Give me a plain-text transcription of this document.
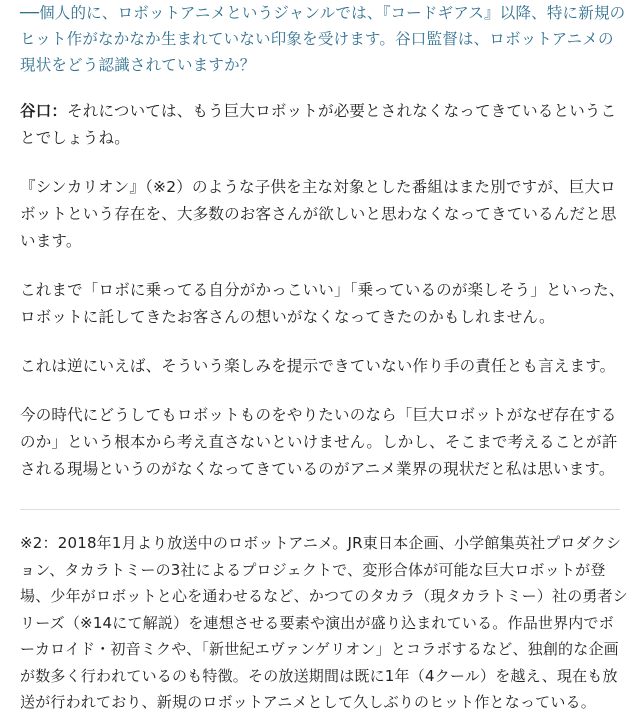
──個人的に、ロボットアニメというジャンルでは、『コードギアス』以降、特に新規のヒット作がなかなか生まれていない印象を受けます。谷口監督は、ロボットアニメの現状をどう認識されていますか？

谷口：それについては、もう巨大ロボットが必要とされなくなってきているということでしょうね。

『シンカリオン』（※2）のような子供を主な対象とした番組はまた別ですが、巨大ロボットという存在を、大多数のお客さんが欲しいと思わなくなってきているんだと思います。

これまで「ロボに乗ってる自分がかっこいい」「乗っているのが楽しそう」といった、ロボットに託してきたお客さんの想いがなくなってきたのかもしれません。

これは逆にいえば、そういう楽しみを提示できていない作り手の責任とも言えます。

今の時代にどうしてもロボットものをやりたいのなら「巨大ロボットがなぜ存在するのか」という根本から考え直さないといけません。しかし、そこまで考えることが許される現場というのがなくなってきているのがアニメ業界の現状だと私は思います。

※2：2018年1月より放送中のロボットアニメ。JR東日本企画、小学館集英社プロダクション、タカラトミーの3社によるプロジェクトで、変形合体が可能な巨大ロボットが登場、少年がロボットと心を通わせるなど、かつてのタカラ（現タカラトミー）社の勇者シリーズ（※14にて解説）を連想させる要素や演出が盛り込まれている。作品世界内でボーカロイド・初音ミクや、「新世紀エヴァンゲリオン」とコラボするなど、独創的な企画が数多く行われているのも特徴。その放送期間は既に1年（4クール）を越え、現在も放送が行われており、新規のロボットアニメとして久しぶりのヒット作となっている。
